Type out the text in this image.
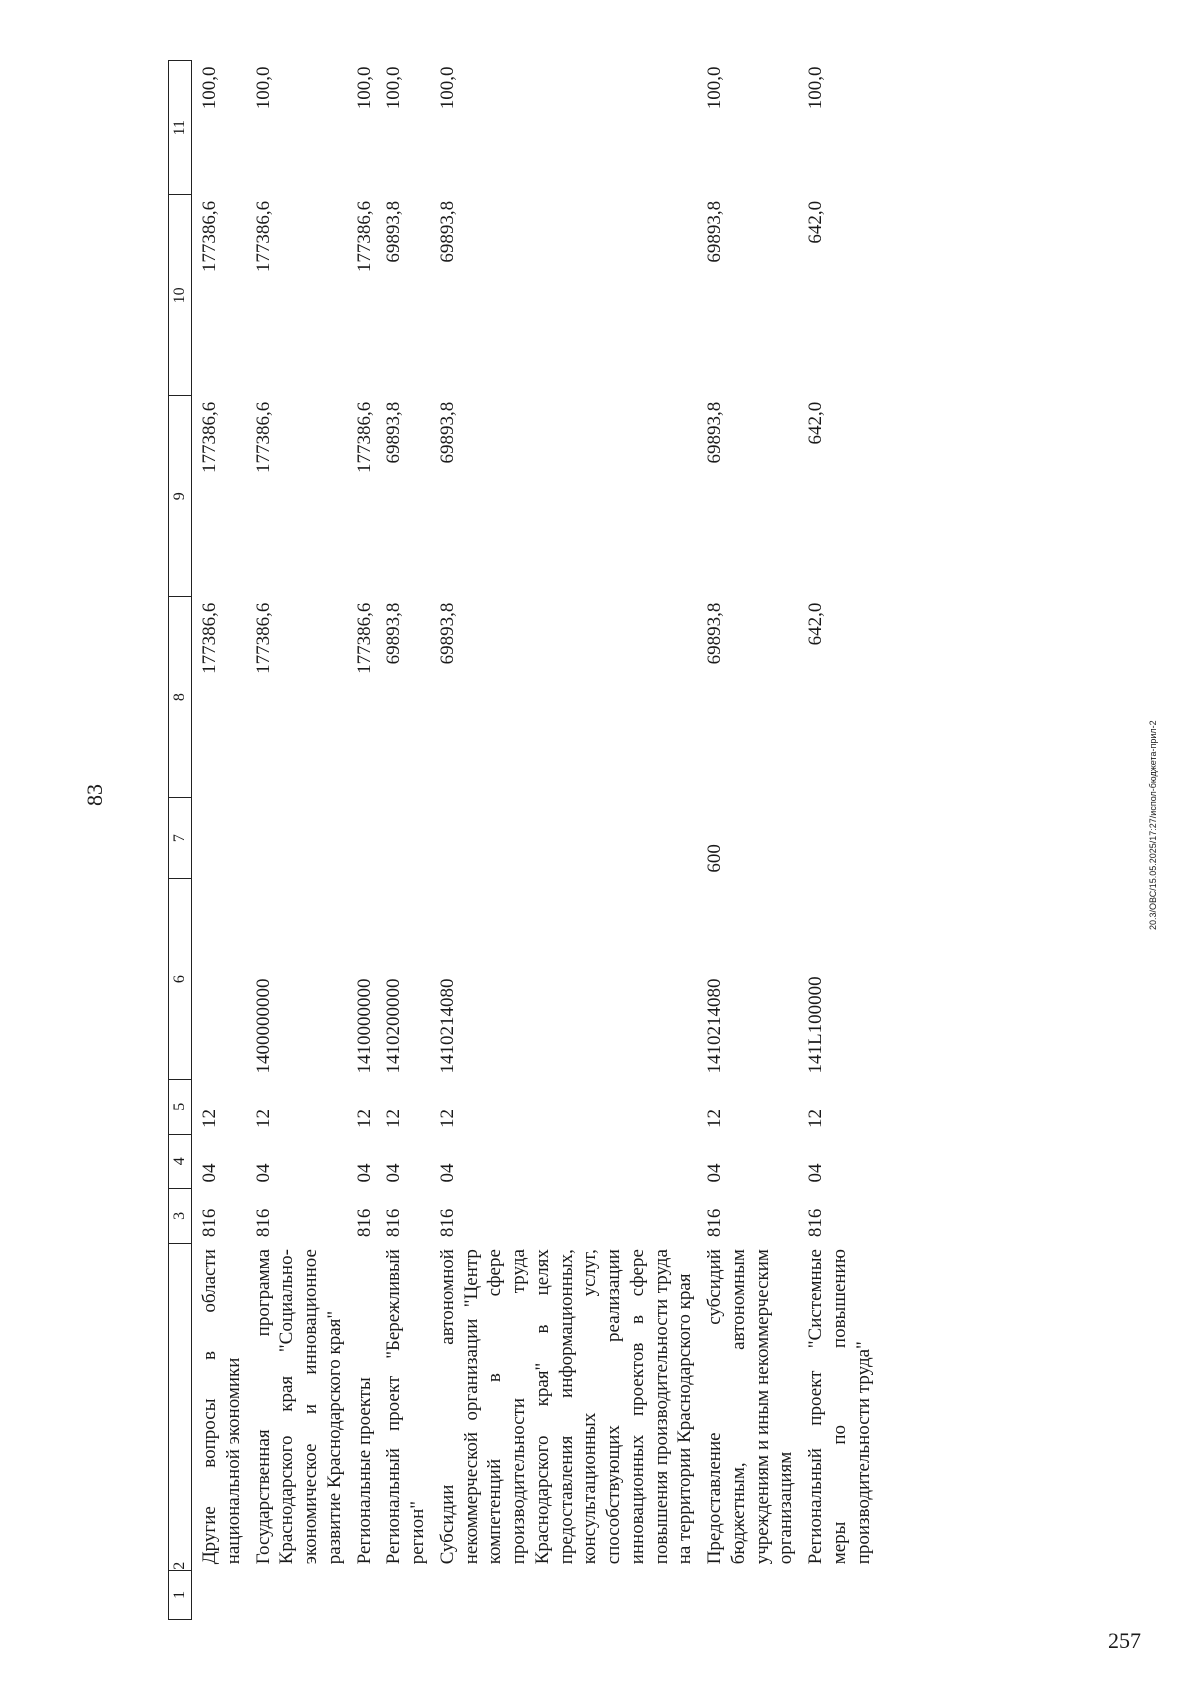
83
257
20.3/ОВС/15.05.2025/17:27/испол-бюджета-прил-2
1	2	3	4	5	6	7	8	9	10	11
	Другие вопросы в области национальной экономики	816	04	12			177386,6	177386,6	177386,6	100,0
	Государственная программа Краснодарского края "Социально-экономическое и инновационное развитие Краснодарского края"	816	04	12	1400000000		177386,6	177386,6	177386,6	100,0
	Региональные проекты	816	04	12	1410000000		177386,6	177386,6	177386,6	100,0
	Региональный проект "Бережливый регион"	816	04	12	1410200000		69893,8	69893,8	69893,8	100,0
	Субсидии автономной некоммерческой организации "Центр компетенций в сфере производительности труда Краснодарского края" в целях предоставления информационных, консультационных услуг, способствующих реализации инновационных проектов в сфере повышения производительности труда на территории Краснодарского края	816	04	12	1410214080		69893,8	69893,8	69893,8	100,0
	Предоставление субсидий бюджетным, автономным учреждениям и иным некоммерческим организациям	816	04	12	1410214080	600	69893,8	69893,8	69893,8	100,0
	Региональный проект "Системные меры по повышению производительности труда"	816	04	12	141L100000		642,0	642,0	642,0	100,0
